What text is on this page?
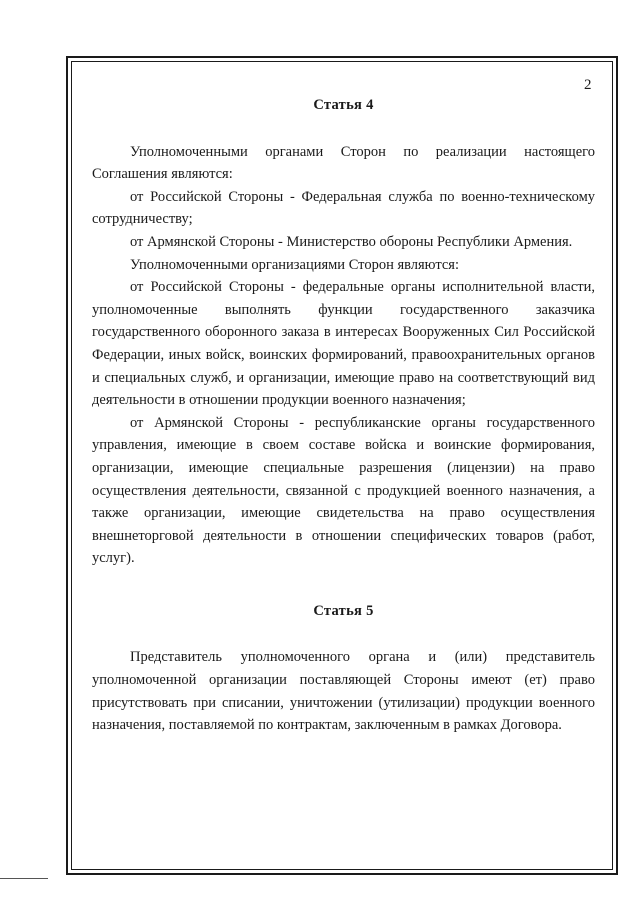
2
Статья 4

Уполномоченными органами Сторон по реализации настоящего Соглашения являются:

от Российской Стороны - Федеральная служба по военно-техническому сотрудничеству;

от Армянской Стороны - Министерство обороны Республики Армения.

Уполномоченными организациями Сторон являются:

от Российской Стороны - федеральные органы исполнительной власти, уполномоченные выполнять функции государственного заказчика государственного оборонного заказа в интересах Вооруженных Сил Российской Федерации, иных войск, воинских формирований, правоохранительных органов и специальных служб, и организации, имеющие право на соответствующий вид деятельности в отношении продукции военного назначения;

от Армянской Стороны - республиканские органы государственного управления, имеющие в своем составе войска и воинские формирования, организации, имеющие специальные разрешения (лицензии) на право осуществления деятельности, связанной с продукцией военного назначения, а также организации, имеющие свидетельства на право осуществления внешнеторговой деятельности в отношении специфических товаров (работ, услуг).

Статья 5

Представитель уполномоченного органа и (или) представитель уполномоченной организации поставляющей Стороны имеют (ет) право присутствовать при списании, уничтожении (утилизации) продукции военного назначения, поставляемой по контрактам, заключенным в рамках Договора.
